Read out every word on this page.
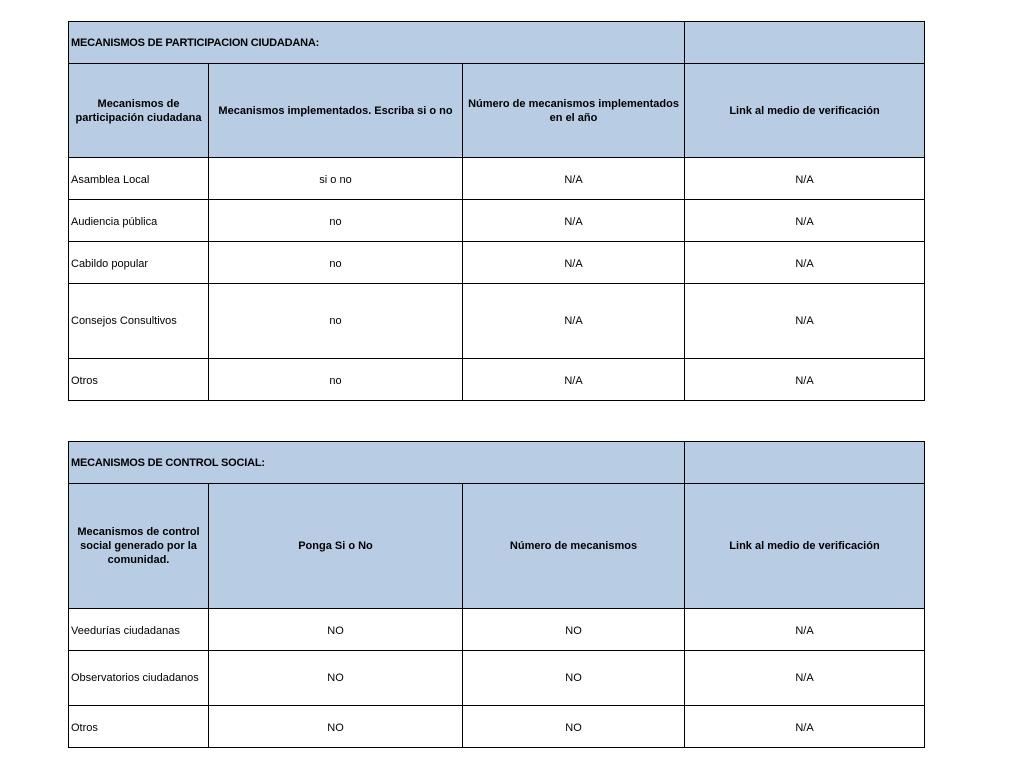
MECANISMOS DE PARTICIPACION CIUDADANA:			
Mecanismos de participación ciudadana	Mecanismos implementados. Escriba si o no	Número de mecanismos implementados en el año	Link al medio de verificación
Asamblea Local	si o no	N/A	N/A
Audiencia pública	no	N/A	N/A
Cabildo popular	no	N/A	N/A
Consejos Consultivos	no	N/A	N/A
Otros	no	N/A	N/A
MECANISMOS DE CONTROL SOCIAL:			
Mecanismos de control social generado por la comunidad.	Ponga Si o No	Número de mecanismos	Link al medio de verificación
Veedurías ciudadanas	NO	NO	N/A
Observatorios ciudadanos	NO	NO	N/A
Otros	NO	NO	N/A
